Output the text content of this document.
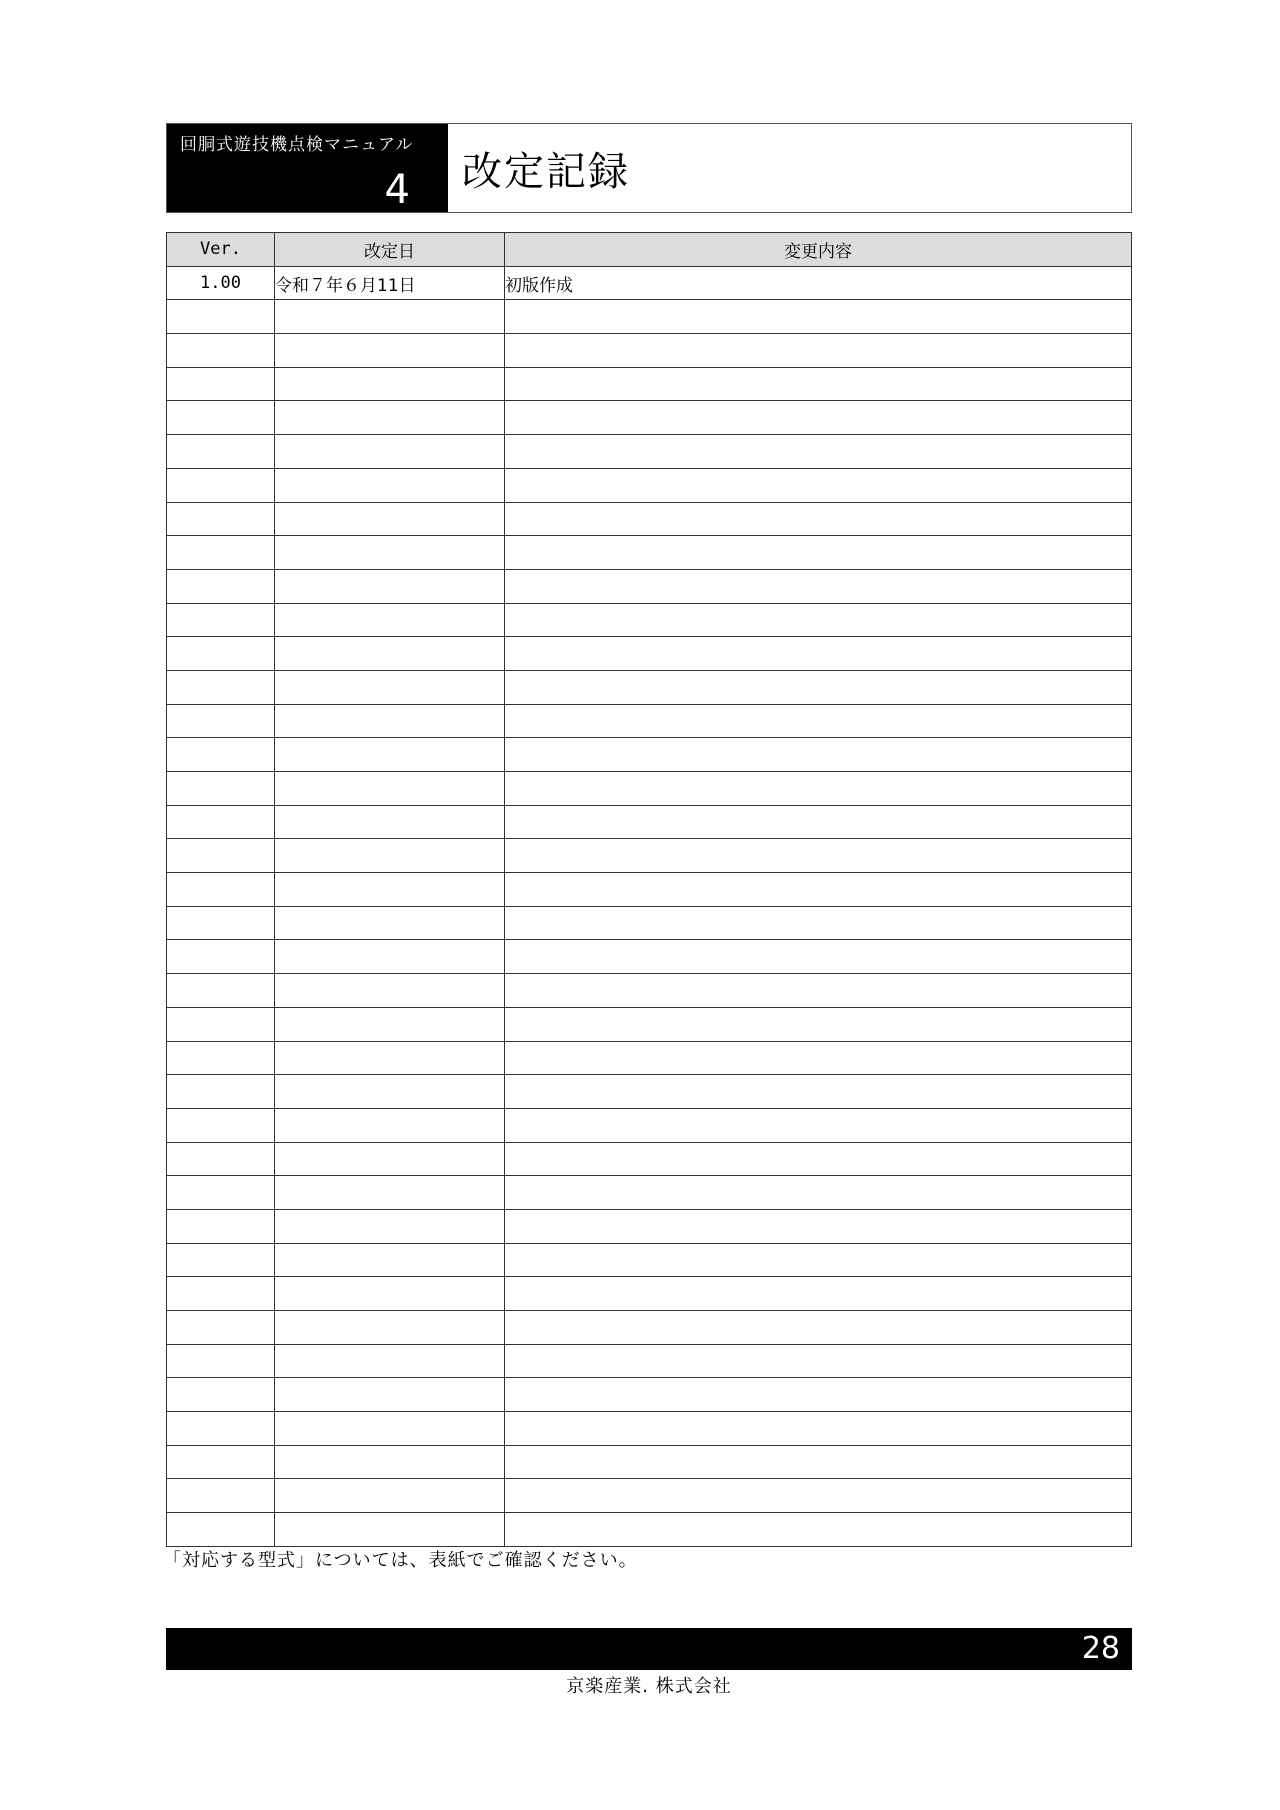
回胴式遊技機点検マニュアル
4 改定記録
Ver.	改定日	変更内容
1.00	令和７年６月11日	初版作成

「対応する型式」については、表紙でご確認ください。
28
京楽産業. 株式会社
